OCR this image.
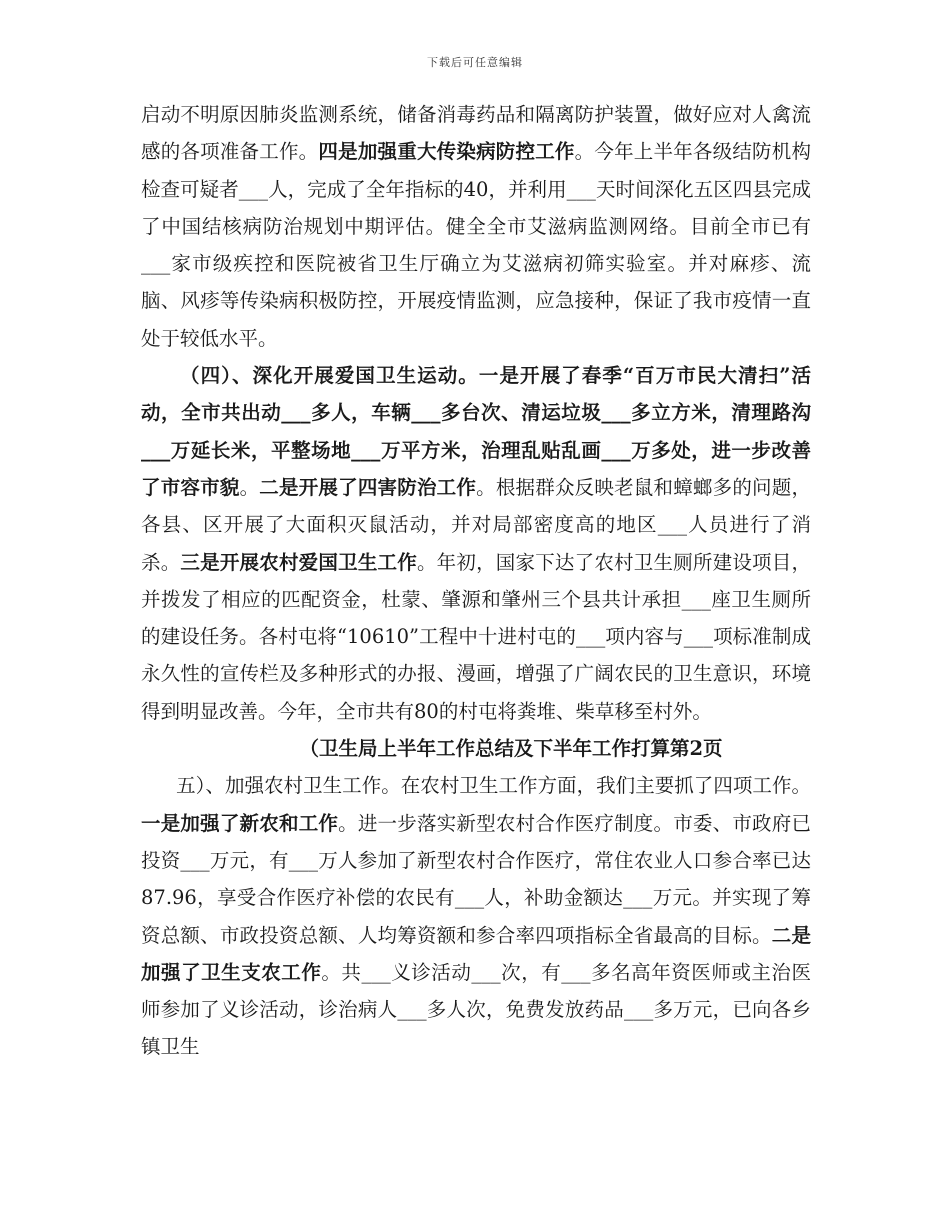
下载后可任意编辑

启动不明原因肺炎监测系统，储备消毒药品和隔离防护装置，做好应对人禽流感的各项准备工作。四是加强重大传染病防控工作。今年上半年各级结防机构检查可疑者___人，完成了全年指标的40，并利用___天时间深化五区四县完成了中国结核病防治规划中期评估。健全全市艾滋病监测网络。目前全市已有___家市级疾控和医院被省卫生厅确立为艾滋病初筛实验室。并对麻疹、流脑、风疹等传染病积极防控，开展疫情监测，应急接种，保证了我市疫情一直处于较低水平。

（四）、深化开展爱国卫生运动。一是开展了春季“百万市民大清扫”活动，全市共出动___多人，车辆___多台次、清运垃圾___多立方米，清理路沟___万延长米，平整场地___万平方米，治理乱贴乱画___万多处，进一步改善了市容市貌。二是开展了四害防治工作。根据群众反映老鼠和蟑螂多的问题，各县、区开展了大面积灭鼠活动，并对局部密度高的地区___人员进行了消杀。三是开展农村爱国卫生工作。年初，国家下达了农村卫生厕所建设项目，并拨发了相应的匹配资金，杜蒙、肇源和肇州三个县共计承担___座卫生厕所的建设任务。各村屯将“10610”工程中十进村屯的___项内容与___项标准制成永久性的宣传栏及多种形式的办报、漫画，增强了广阔农民的卫生意识，环境得到明显改善。今年，全市共有80的村屯将粪堆、柴草移至村外。

（卫生局上半年工作总结及下半年工作打算第2页

五）、加强农村卫生工作。在农村卫生工作方面，我们主要抓了四项工作。一是加强了新农和工作。进一步落实新型农村合作医疗制度。市委、市政府已投资___万元，有___万人参加了新型农村合作医疗，常住农业人口参合率已达87.96，享受合作医疗补偿的农民有___人，补助金额达___万元。并实现了筹资总额、市政投资总额、人均筹资额和参合率四项指标全省最高的目标。二是加强了卫生支农工作。共___义诊活动___次，有___多名高年资医师或主治医师参加了义诊活动，诊治病人___多人次，免费发放药品___多万元，已向各乡镇卫生
